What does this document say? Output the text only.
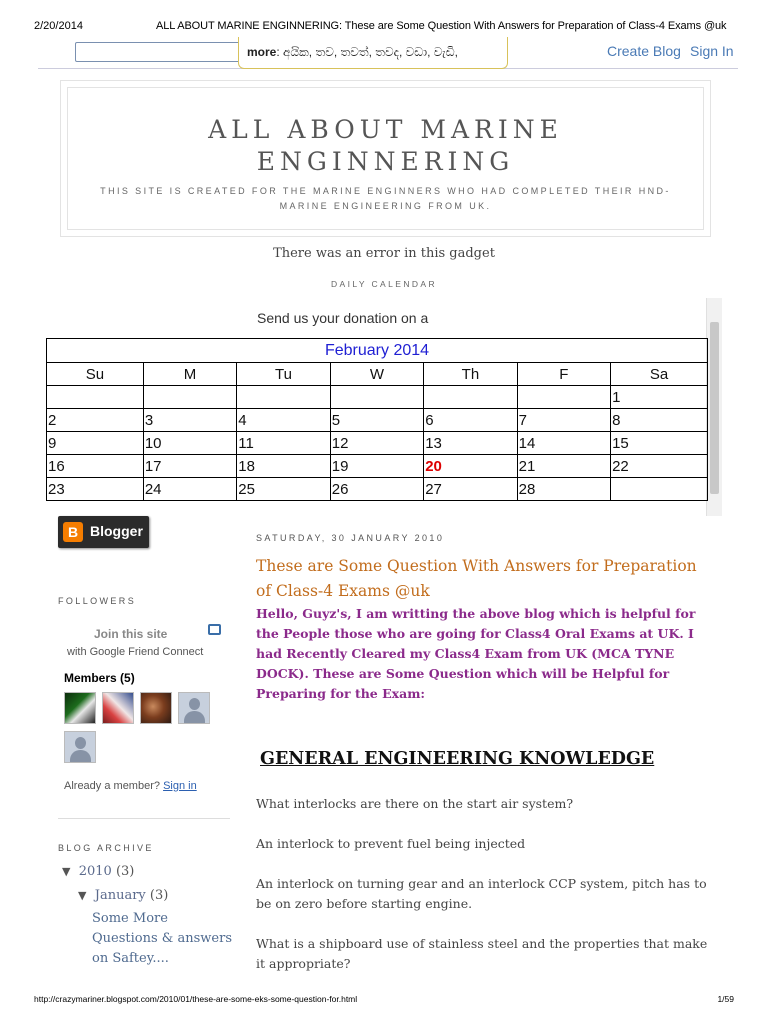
2/20/2014	ALL ABOUT MARINE ENGINNERING: These are Some Question With Answers for Preparation of Class-4 Exams @uk
more: අයික, තව, තවත්, තවද, වඩා, වැඩි,	Create Blog Sign In
ALL ABOUT MARINE ENGINNERING
THIS SITE IS CREATED FOR THE MARINE ENGINNERS WHO HAD COMPLETED THEIR HND-MARINE ENGINEERING FROM UK.
There was an error in this gadget
DAILY CALENDAR
Send us your donation on a
February 2014						
Su	M	Tu	W	Th	F	Sa
						1
2	3	4	5	6	7	8
9	10	11	12	13	14	15
16	17	18	19	20	21	22
23	24	25	26	27	28	
B Blogger
FOLLOWERS
Join this site
with Google Friend Connect
Members (5)
Already a member? Sign in
BLOG ARCHIVE
▼ 2010 (3)
▼ January (3)
Some More Questions & answers on Saftey....
SATURDAY, 30 JANUARY 2010
These are Some Question With Answers for Preparation of Class-4 Exams @uk
Hello, Guyz's, I am writting the above blog which is helpful for the People those who are going for Class4 Oral Exams at UK. I had Recently Cleared my Class4 Exam from UK (MCA TYNE DOCK). These are Some Question which will be Helpful for Preparing for the Exam:
GENERAL ENGINEERING KNOWLEDGE
What interlocks are there on the start air system?
An interlock to prevent fuel being injected
An interlock on turning gear and an interlock CCP system, pitch has to be on zero before starting engine.
What is a shipboard use of stainless steel and the properties that make it appropriate?
http://crazymariner.blogspot.com/2010/01/these-are-some-eks-some-question-for.html	1/59
